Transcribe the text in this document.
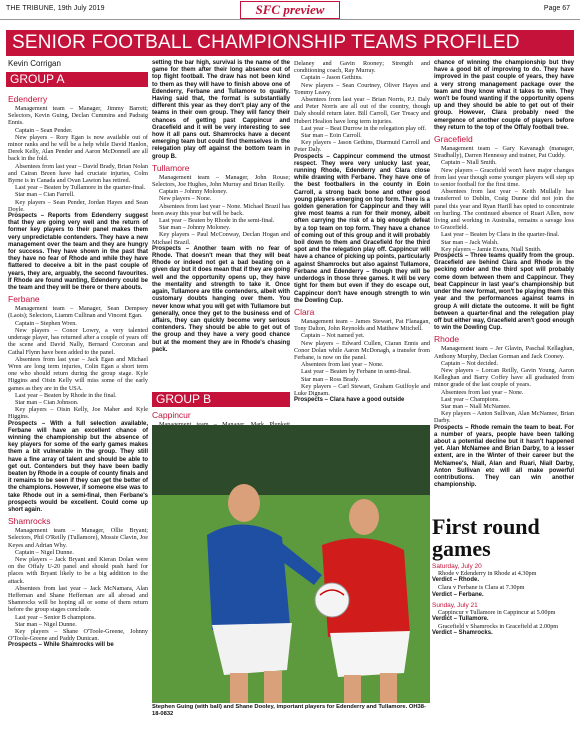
THE TRIBUNE, 19th July 2019	SFC preview	Page 67
SENIOR FOOTBALL CHAMPIONSHIP TEAMS PROFILED
Kevin Corrigan
GROUP A
Edenderry

Management team – Manager, Jimmy Barrett; Selectors, Kevin Guing, Declan Cummins and Padraig Ennis.

Captain – Sean Pender.

New players – Rory Egan is now available out of minor ranks and he will be a help while David Hanlon, Derek Kelly, Alan Pender and Aaron McDonnell are all back in the fold.

Absentees from last year – David Brady, Brian Nolan and Cairan Breen have had cruciate injuries, Colm Byrne is in Canada and Ovan Lawton has retired.

Last year – Beaten by Tullamore in the quarter-final.

Star man – Cian Farrell.

Key players – Sean Pender, Jordan Hayes and Sean Doyle.

Prospects – Reports from Edenderry suggest that they are going very well and the return of former key players to their panel makes them very unpredictable contenders. They have a new management over the team and they are hungry for success. They have shown in the past that they have no fear of Rhode and while they have flattered to deceive a bit in the past couple of years, they are, arguably, the second favourites. If Rhode are found wanting, Edenderry could be the team and they will be there or there abouts.

Ferbane

Management team – Manager, Sean Dempsey (Laois); Selectors, Liamm Cullinan and Vincent Egan.

Captain – Stephen Wren.

New players – Conor Lowry, a very talented underage player, has returned after a couple of years off the scene and David Nally, Bernard Corcoran and Cathal Flynn have been added to the panel.

Absentees from last year – Jack Egan and Michael Wren are long term injuries, Colin Egan a short term one who should return during the group stage. Kyle Higgins and Oisin Kelly will miss some of the early games as they are in the USA.

Last year – Beaten by Rhode in the final.

Star man – Cian Johnson.

Key players – Oisin Kelly, Joe Maher and Kyle Higgins.

Prospects – With a full selection available, Ferbane will have an excellent chance of winning the championship but the absence of key players for some of the early games makes them a bit vulnerable in the group. They still have a fine array of talent and should be able to get out. Contenders but they have been badly beaten by Rhode in a couple of county finals and it remains to be seen if they can get the better of the champions. However, if someone else was to take Rhode out in a semi-final, then Ferbane's prospects would be excellent. Could come up short again.

Shamrocks

Management team – Manager, Ollie Bryant; Selectors, Phil O'Reilly (Tullamore), Mossie Clavin, Joe Keyes and Adrian Why.

Captain – Nigel Dunne.

New players – Jack Bryant and Kieran Dolan were on the Offaly U-20 panel and should push hard for places with Bryant likely to be a big addition to the attack.

Absentees from last year – Jack McNamara, Alan Heffernan and Shane Heffernan are all abroad and Shamrocks will be hoping all or some of them return before the group stages conclude.

Last year – Senior B champions.

Star man – Nigel Dunne.

Key players – Shane O'Toole-Greene, Johnny O'Toole-Greene and Paddy Dunican.

Prospects – While Shamrocks will be

setting the bar high, survival is the name of the game for them after their long absence out of top flight football. The draw has not been kind to them as they will have to finish above one of Edenderry, Ferbane and Tullamore to qualify. Having said that, the format is substantially different this year as they don't play any of the teams in their own group. They will fancy their chances of getting past Cappincur and Gracefield and it will be very interesting to see how it all pans out. Shamrocks have a decent emerging team but could find themselves in the relegation play off against the bottom team in group B.

Tullamore

Management team – Manager, John Rouse; Selectors, Joe Hughes, John Murray and Brian Reilly.

Captain – Johnny Moloney.

New players – None.

Absentees from last year – None. Michael Brazil has been away this year but will be back.

Last year – Beaten by Rhode in the semi-final.

Star man – Johnny Moloney.

Key players – Paul McConway, Declan Hogan and Michael Brazil.

Prospects – Another team with no fear of Rhode. That doesn't mean that they will beat Rhode or indeed not get a bad beating on a given day but it does mean that if they are going well and the opportunity opens up, they have the mentality and strength to take it. Once again, Tullamore are title contenders, albeit with customary doubts hanging over them. You never know what you will get with Tullamore but generally, once they get to the business end of affairs, they can quickly become very serious contenders. They should be able to get out of the group and they have a very good chance but at the moment they are in Rhode's chasing pack.

GROUP B
Cappincur

Delaney and Gavin Rooney; Strength and conditioning coach, Ray Murray.

Captain – Jason Gethins.

New players – Sean Courtney, Oliver Hayes and Tommy Leavy.

Absentees from last year – Brian Norris, P.J. Daly and Peter Norris are all out of the country, though Daly should return later. Bill Carroll, Ger Treacy and Hubert Healion have long term injuries.

Last year – Beat Durrow in the relegation play off.

Star man – Eoin Carroll.

Key players – Jason Gethins, Diarmuid Carroll and Peter Daly.

Prospects – Cappincur commend the utmost respect. They were very unlucky last year, running Rhode, Edenderry and Clara close while drawing with Ferbane. They have one of the best footballers in the county in Eoin Carroll, a strong back bone and other good young players emerging on top form. There is a golden generation for Cappincur and they will give most teams a run for their money, albeit often carrying the risk of a big enough defeat by a top team on top form. They have a chance of coming out of this group and it will probably boil down to them and Gracefield for the third spot and the relegation play off. Cappincur will have a chance of picking up points, particularly against Shamrocks but also against Tullamore, Ferbane and Edenderry – though they will be underdogs in those three games. It will be very tight for them but even if they do escape out, Cappincur don't have enough strength to win the Dowling Cup.

Clara

Management team – James Stewart, Pat Flanagan, Tony Dalton, John Reynolds and Matthew Mitchell.

Captain – Not named yet.

New players – Edward Cullen, Ciaran Ennis and Conor Dolan while Aaron McDonagh, a transfer from Ferbane, is now on the panel.

Absentees from last year – None.

Last year – Beaten by Ferbane in semi-final.

Star man – Ross Brady.

Key players – Carl Stewart, Graham Guilfoyle and Luke Dignam.

Prospects – Clara have a good outside

chance of winning the championship but they have a good bit of improving to do. They have improved in the past couple of years, they have a very strong management package over the team and they know what it takes to win. They won't be found wanting if the opportunity opens up and they should be able to get out of their group. However, Clara probably need the emergence of another couple of players before they return to the top of the Offaly football tree.

Gracefield

Management team – Gary Kavanagh (manager, Stradbally), Darren Hennessy and trainer, Pat Cuddy.

Captain – Niall Smith.

New players – Gracefield won't have major changes from last year though some younger players will step up to senior football for the first time.

Absentees from last year – Keith Mullally has transferred to Dublin, Craig Dunne did not join the panel this year and Ryan Harill has opted to concentrate on hurling. The continued absence of Ruari Allen, now living and working in Australia, remains a savage loss to Gracefield.

Last year – Beaten by Clara in the quarter-final.

Star man – Jack Walsh.

Key players – Jamie Evans, Niall Smith.

Prospects – Three teams qualify from the group. Gracefield are behind Clara and Rhode in the pecking order and the third spot will probably come down between them and Cappincur. They beat Cappincur in last year's championship but under the new format, won't be playing them this year and the performances against teams in group A will dictate the outcome. It will be fight between a quarter-final and the relegation play off but either way, Gracefield aren't good enough to win the Dowling Cup.

Rhode

Management team – Jer Glavin, Paschal Kellaghan, Anthony Murphy, Declan Gorman and Jack Cooney.

Captain – Not decided.

New players – Lorcan Reilly, Gavin Young, Aaron Kelleghan and Barry Coffey have all graduated from minor grade of the last couple of years.

Absentees from last year – None.

Last year – Champions.

Star man – Niall McNamee.

Key players – Anton Sullivan, Alan McNamee, Brian Darby.

Prospects – Rhode remain the team to beat. For a number of years, people have been talking about a potential decline but it hasn't happened yet. Alan McNamee and Brian Darby, to a lesser extent, are in the Winter of their career but the McNamee's, Niall, Alan and Ruari, Niall Darby, Anton Sullivan etc will all make powerful contributions. They can win another championship.

Stephen Guing (with ball) and Shane Dooley, important players for Edenderry and Tullamore. OH38-18-0832
First round games
Saturday, July 20
Rhode v Edenderry in Rhode at 4.30pm
Verdict – Rhode.
Clara v Ferbane is Clara at 7.30pm
Verdict – Ferbane.
Sunday, July 21
Cappincur v Tullamore in Cappincur at 5.00pm
Verdict – Tullamore.
Gracefield v Shamrocks in Gracefield at 2.00pm
Verdict – Shamrocks.
